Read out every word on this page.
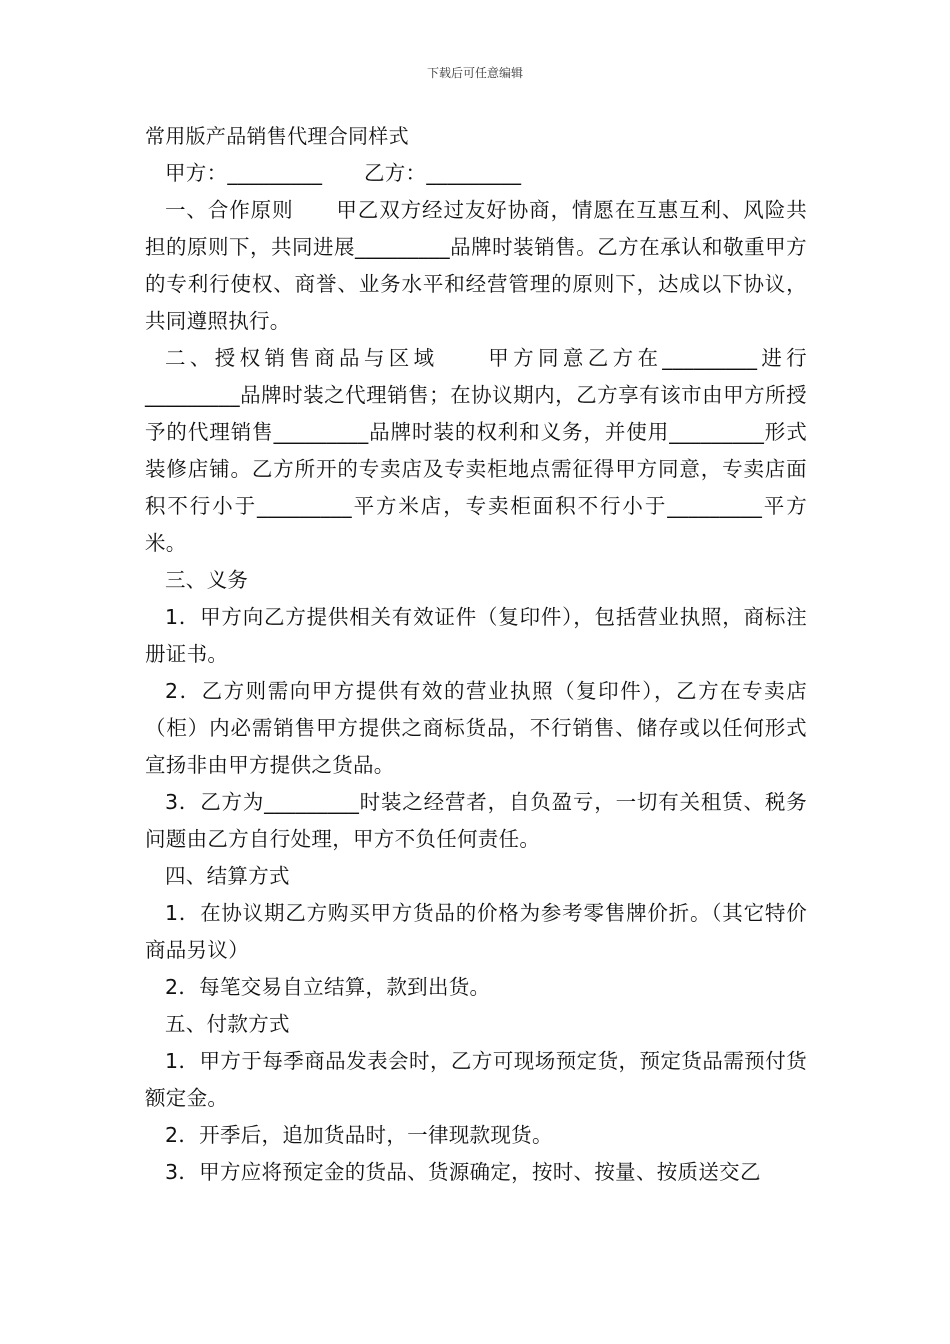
下载后可任意编辑

常用版产品销售代理合同样式

甲方：_________　　乙方：_________

一、合作原则　　甲乙双方经过友好协商，情愿在互惠互利、风险共担的原则下，共同进展_________品牌时装销售。乙方在承认和敬重甲方的专利行使权、商誉、业务水平和经营管理的原则下，达成以下协议，共同遵照执行。

二、授权销售商品与区域　　甲方同意乙方在_________进行_________品牌时装之代理销售；在协议期内，乙方享有该市由甲方所授予的代理销售_________品牌时装的权利和义务，并使用_________形式装修店铺。乙方所开的专卖店及专卖柜地点需征得甲方同意，专卖店面积不行小于_________平方米店，专卖柜面积不行小于_________平方米。

三、义务

1．甲方向乙方提供相关有效证件（复印件），包括营业执照，商标注册证书。

2．乙方则需向甲方提供有效的营业执照（复印件），乙方在专卖店（柜）内必需销售甲方提供之商标货品，不行销售、储存或以任何形式宣扬非由甲方提供之货品。

3．乙方为_________时装之经营者，自负盈亏，一切有关租赁、税务问题由乙方自行处理，甲方不负任何责任。

四、结算方式

1．在协议期乙方购买甲方货品的价格为参考零售牌价折。（其它特价商品另议）

2．每笔交易自立结算，款到出货。

五、付款方式

1．甲方于每季商品发表会时，乙方可现场预定货，预定货品需预付货额定金。

2．开季后，追加货品时，一律现款现货。

3．甲方应将预定金的货品、货源确定，按时、按量、按质送交乙
